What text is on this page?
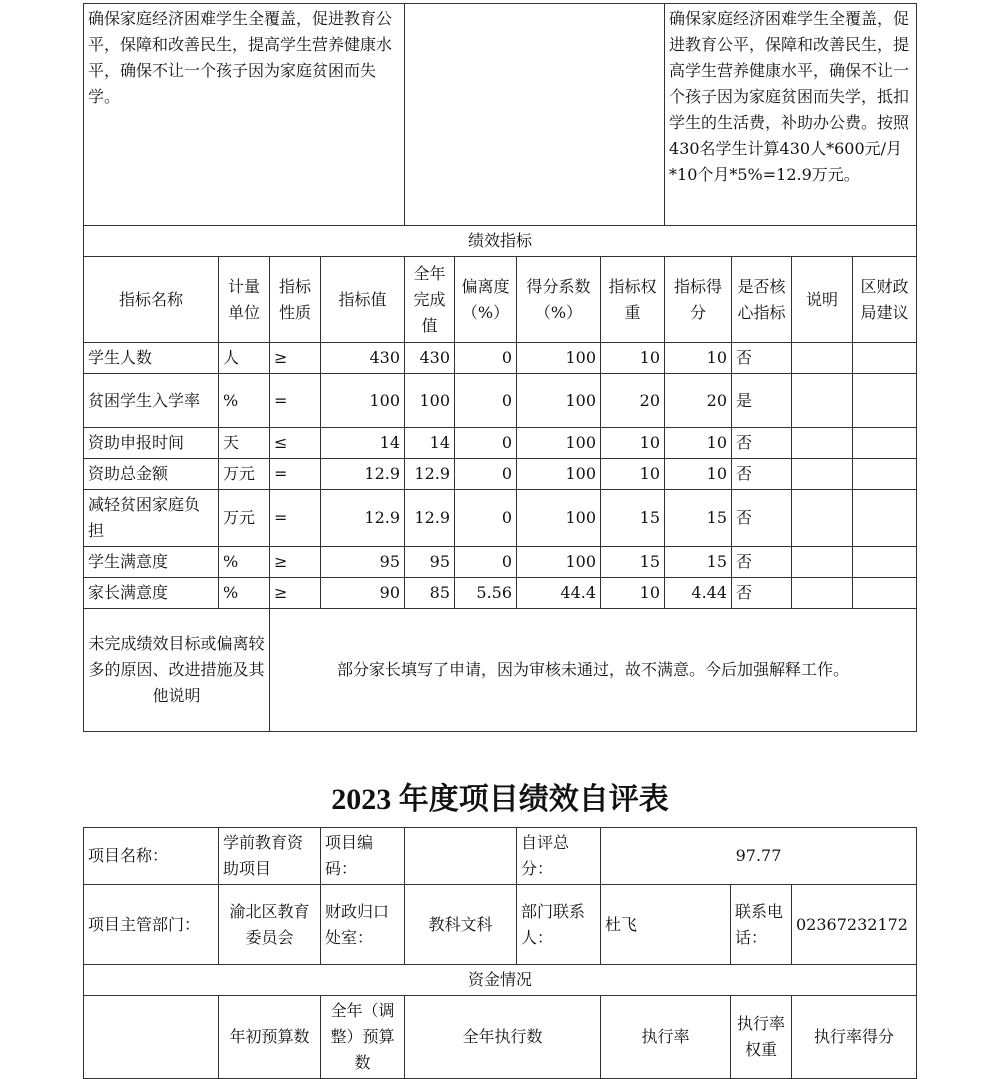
确保家庭经济困难学生全覆盖，促进教育公平，保障和改善民生，提高学生营养健康水平，确保不让一个孩子因为家庭贫困而失学。								确保家庭经济困难学生全覆盖，促进教育公平，保障和改善民生，提高学生营养健康水平，确保不让一个孩子因为家庭贫困而失学，抵扣学生的生活费，补助办公费。按照430名学生计算430人*600元/月*10个月*5%=12.9万元。			
绩效指标											
指标名称	计量单位	指标性质	指标值	全年完成值	偏离度（%）	得分系数（%）	指标权重	指标得分	是否核心指标	说明	区财政局建议
学生人数	人	≥	430	430	0	100	10	10	否		
贫困学生入学率	%	=	100	100	0	100	20	20	是		
资助申报时间	天	≤	14	14	0	100	10	10	否		
资助总金额	万元	=	12.9	12.9	0	100	10	10	否		
减轻贫困家庭负担	万元	=	12.9	12.9	0	100	15	15	否		
学生满意度	%	≥	95	95	0	100	15	15	否		
家长满意度	%	≥	90	85	5.56	44.4	10	4.44	否		
未完成绩效目标或偏离较多的原因、改进措施及其他说明		部分家长填写了申请，因为审核未通过，故不满意。今后加强解释工作。									
2023 年度项目绩效自评表
项目名称：	学前教育资助项目	项目编码：		自评总分：	97.77		
项目主管部门：	渝北区教育委员会	财政归口处室：	教科文科	部门联系人：	杜飞	联系电话：	02367232172
资金情况							
	年初预算数	全年（调整）预算数	全年执行数		执行率	执行率权重	执行率得分
